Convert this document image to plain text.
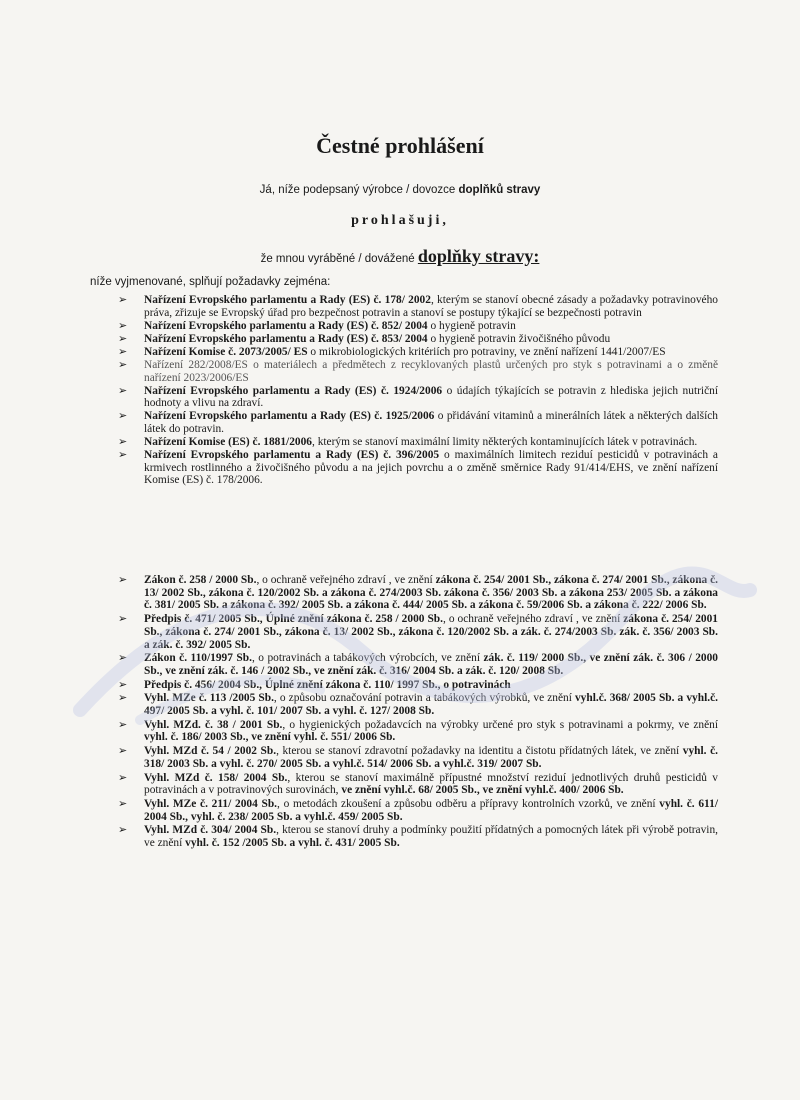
Čestné prohlášení
Já, níže podepsaný výrobce / dovozce doplňků stravy
prohlašuji,
že mnou vyráběné / dovážené doplňky stravy:
níže vyjmenované, splňují požadavky zejména:
➢ Nařízení Evropského parlamentu a Rady (ES) č. 178/ 2002, kterým se stanoví obecné zásady a požadavky potravinového práva, zřizuje se Evropský úřad pro bezpečnost potravin a stanoví se postupy týkající se bezpečnosti potravin
➢ Nařízení Evropského parlamentu a Rady (ES) č. 852/ 2004 o hygieně potravin
➢ Nařízení Evropského parlamentu a Rady (ES) č. 853/ 2004 o hygieně potravin živočišného původu
➢ Nařízení Komise č. 2073/2005/ ES o mikrobiologických kritériích pro potraviny, ve znění nařízení 1441/2007/ES
➢ Nařízení 282/2008/ES o materiálech a předmětech z recyklovaných plastů určených pro styk s potravinami a o změně nařízení 2023/2006/ES
➢ Nařízení Evropského parlamentu a Rady (ES) č. 1924/2006 o údajích týkajících se potravin z hlediska jejich nutriční hodnoty a vlivu na zdraví.
➢ Nařízení Evropského parlamentu a Rady (ES) č. 1925/2006 o přidávání vitaminů a minerálních látek a některých dalších látek do potravin.
➢ Nařízení Komise (ES) č. 1881/2006, kterým se stanoví maximální limity některých kontaminujících látek v potravinách.
➢ Nařízení Evropského parlamentu a Rady (ES) č. 396/2005 o maximálních limitech reziduí pesticidů v potravinách a krmivech rostlinného a živočišného původu a na jejich povrchu a o změně směrnice Rady 91/414/EHS, ve znění nařízení Komise (ES) č. 178/2006.
➢ Zákon č. 258 / 2000 Sb., o ochraně veřejného zdraví , ve znění zákona č. 254/ 2001 Sb., zákona č. 274/ 2001 Sb., zákona č. 13/ 2002 Sb., zákona č. 120/2002 Sb. a zákona č. 274/2003 Sb. zákona č. 356/ 2003 Sb. a zákona 253/ 2005 Sb. a zákona č. 381/ 2005 Sb. a zákona č. 392/ 2005 Sb. a zákona č. 444/ 2005 Sb. a zákona č. 59/2006 Sb. a zákona č. 222/ 2006 Sb.
➢ Předpis č. 471/ 2005 Sb., Úplné znění zákona č. 258 / 2000 Sb., o ochraně veřejného zdraví , ve znění zákona č. 254/ 2001 Sb., zákona č. 274/ 2001 Sb., zákona č. 13/ 2002 Sb., zákona č. 120/2002 Sb. a zák. č. 274/2003 Sb. zák. č. 356/ 2003 Sb. a zák. č. 392/ 2005 Sb.
➢ Zákon č. 110/1997 Sb., o potravinách a tabákových výrobcích, ve znění zák. č. 119/ 2000 Sb., ve znění zák. č. 306 / 2000 Sb., ve znění zák. č. 146 / 2002 Sb., ve znění zák. č. 316/ 2004 Sb. a zák. č. 120/ 2008 Sb.
➢ Předpis č. 456/ 2004 Sb., Úplné znění zákona č. 110/ 1997 Sb., o potravinách
➢ Vyhl. MZe č. 113 /2005 Sb., o způsobu označování potravin a tabákových výrobků, ve znění vyhl.č. 368/ 2005 Sb. a vyhl.č. 497/ 2005 Sb. a vyhl. č. 101/ 2007 Sb. a vyhl. č. 127/ 2008 Sb.
➢ Vyhl. MZd. č. 38 / 2001 Sb., o hygienických požadavcích na výrobky určené pro styk s potravinami a pokrmy, ve znění vyhl. č. 186/ 2003 Sb., ve znění vyhl. č. 551/ 2006 Sb.
➢ Vyhl. MZd č. 54 / 2002 Sb., kterou se stanoví zdravotní požadavky na identitu a čistotu přídatných látek, ve znění vyhl. č. 318/ 2003 Sb. a vyhl. č. 270/ 2005 Sb. a vyhl.č. 514/ 2006 Sb. a vyhl.č. 319/ 2007 Sb.
➢ Vyhl. MZd č. 158/ 2004 Sb., kterou se stanoví maximálně přípustné množství reziduí jednotlivých druhů pesticidů v potravinách a v potravinových surovinách, ve znění vyhl.č. 68/ 2005 Sb., ve znění vyhl.č. 400/ 2006 Sb.
➢ Vyhl. MZe č. 211/ 2004 Sb., o metodách zkoušení a způsobu odběru a přípravy kontrolních vzorků, ve znění vyhl. č. 611/ 2004 Sb., vyhl. č. 238/ 2005 Sb. a vyhl.č. 459/ 2005 Sb.
➢ Vyhl. MZd č. 304/ 2004 Sb., kterou se stanoví druhy a podmínky použití přídatných a pomocných látek při výrobě potravin, ve znění vyhl. č. 152 /2005 Sb. a vyhl. č. 431/ 2005 Sb.
